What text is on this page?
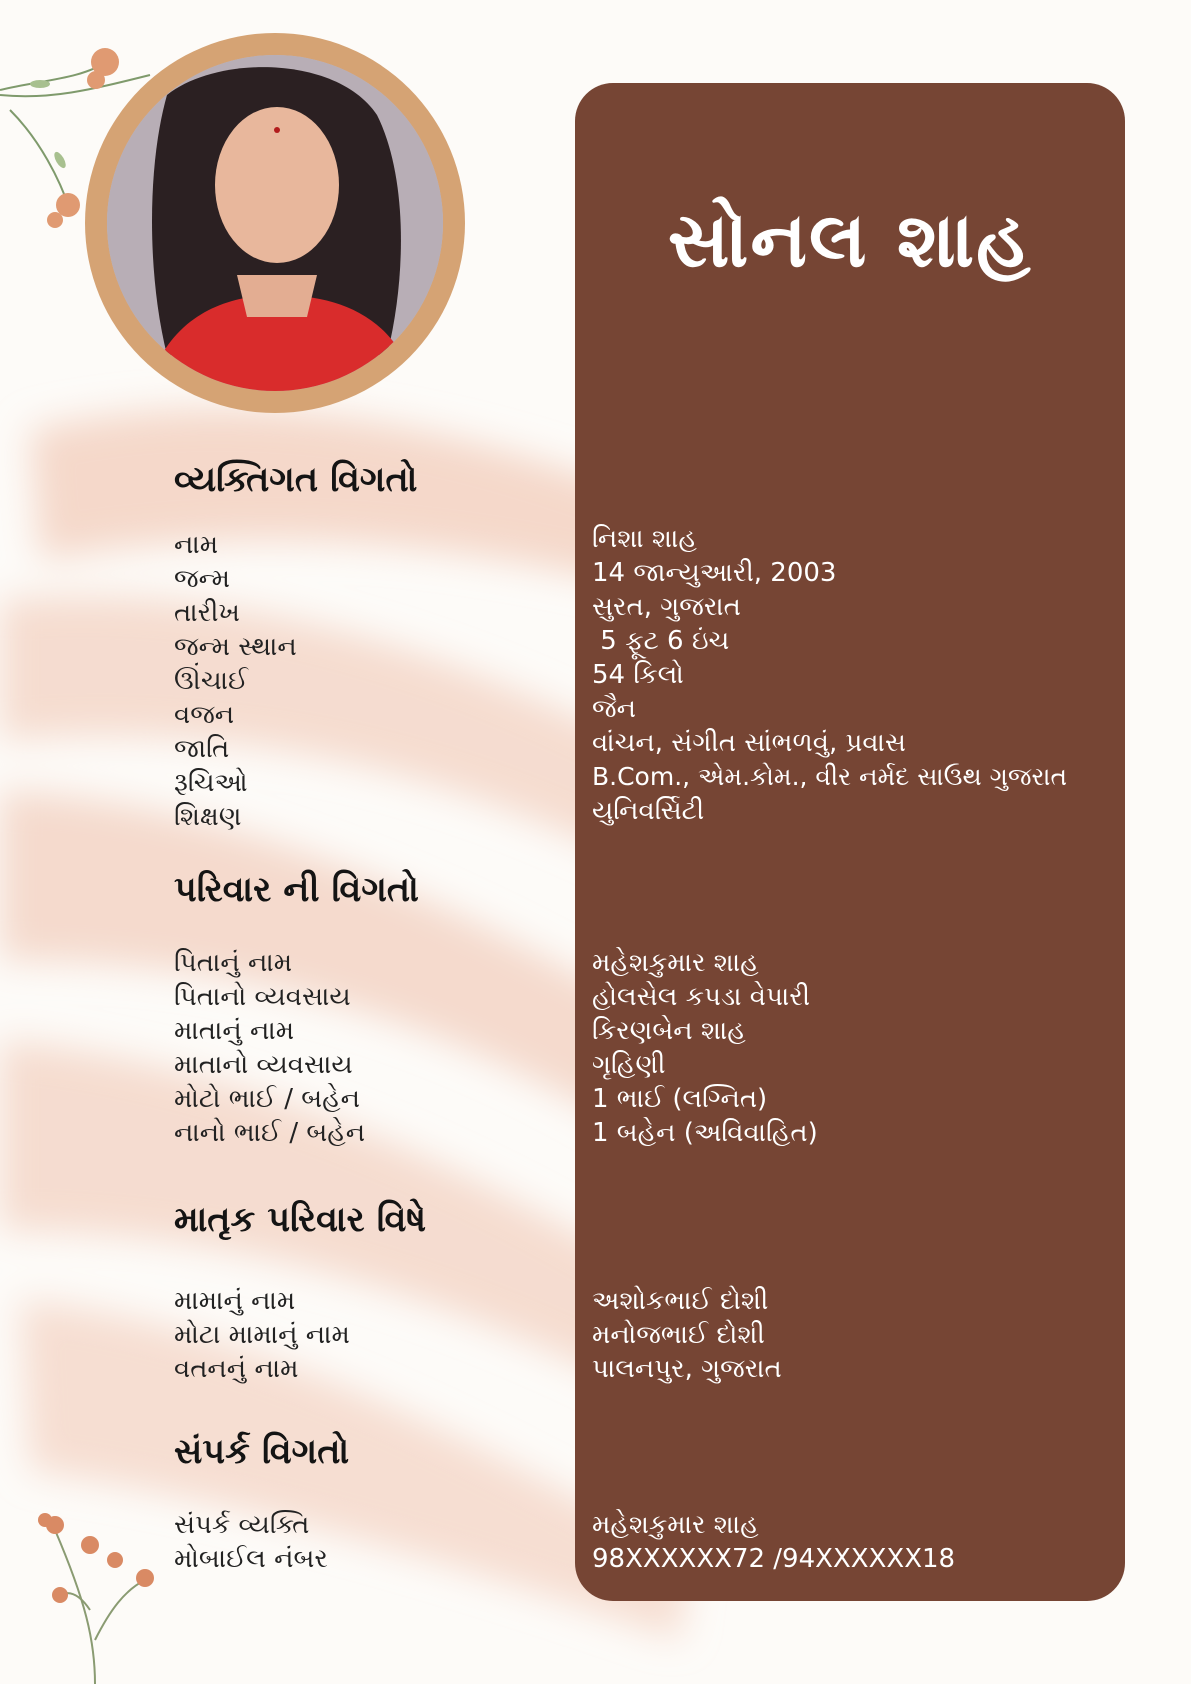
સોનલ શાહ
વ્યક્તિગત વિગતો
નામ
જન્મ
તારીખ
જન્મ સ્થાન
ઊંચાઈ
વજન
જાતિ
રૂચિઓ
શિક્ષણ
નિશા શાહ
14 જાન્યુઆરી, 2003
સુરત, ગુજરાત
5 ફૂટ 6 ઇંચ
54 કિલો
જૈન
વાંચન, સંગીત સાંભળવું, પ્રવાસ
B.Com., એમ.કોમ., વીર નર્મદ સાઉથ ગુજરાત
યુનિવર્સિટી
પરિવાર ની વિગતો
પિતાનું નામ
પિતાનો વ્યવસાય
માતાનું નામ
માતાનો વ્યવસાય
મોટો ભાઈ / બહેન
નાનો ભાઈ / બહેન
મહેશકુમાર શાહ
હોલસેલ કપડા વેપારી
કિરણબેન શાહ
ગૃહિણી
1 ભાઈ (લગ્નિત)
1 બહેન (અવિવાહિત)
માતૃક પરિવાર વિષે
મામાનું નામ
મોટા મામાનું નામ
વતનનું નામ
અશોકભાઈ દોશી
મનોજભાઈ દોશી
પાલનપુર, ગુજરાત
સંપર્ક વિગતો
સંપર્ક વ્યક્તિ
મોબાઈલ નંબર
મહેશકુમાર શાહ
98XXXXXX72 /94XXXXXX18
